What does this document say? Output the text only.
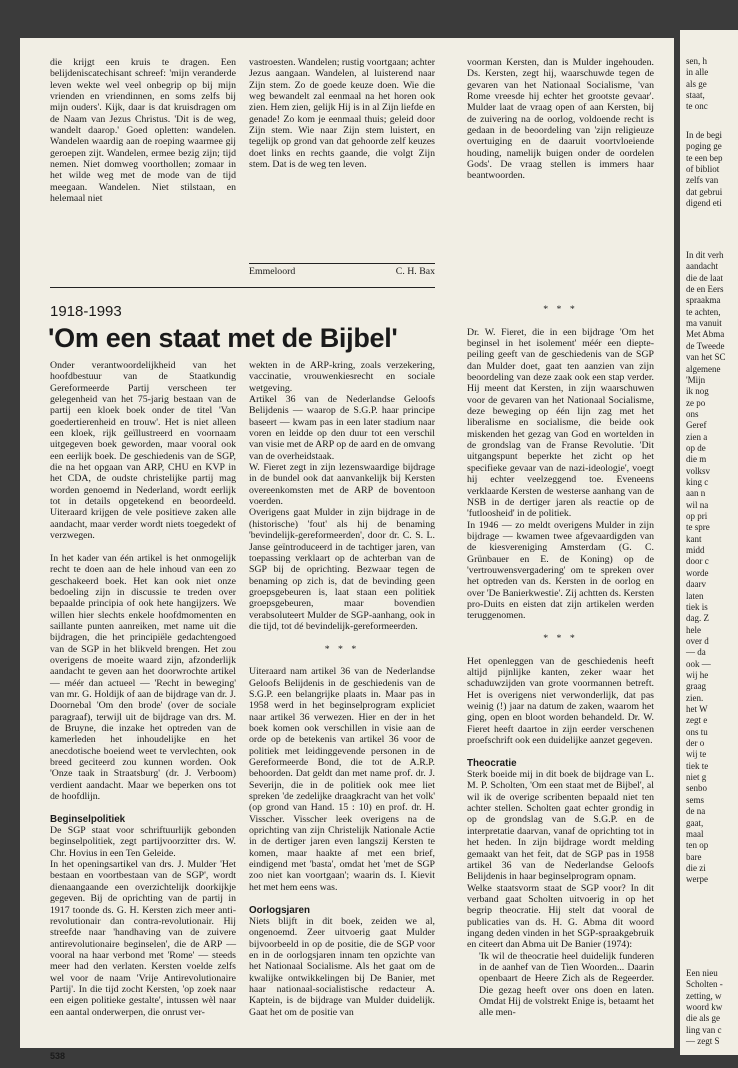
die krijgt een kruis te dragen. Een belijdeniscatechisant schreef: 'mijn veranderde leven wekte wel veel onbegrip op bij mijn vrienden en vriendinnen, en soms zelfs bij mijn ouders'. Kijk, daar is dat kruisdragen om de Naam van Jezus Christus. 'Dit is de weg, wandelt daarop.' Goed opletten: wandelen. Wandelen waardig aan de roeping waarmee gij geroepen zijt. Wandelen, ermee bezig zijn; tijd nemen. Niet domweg voorthollen; zomaar in het wilde weg met de mode van de tijd meegaan. Wandelen. Niet stilstaan, en helemaal niet

vastroesten. Wandelen; rustig voortgaan; achter Jezus aangaan. Wandelen, al luisterend naar Zijn stem. Zo de goede keuze doen. Wie die weg bewandelt zal eenmaal na het horen ook zien. Hem zien, gelijk Hij is in al Zijn liefde en genade! Zo kom je eenmaal thuis; geleid door Zijn stem. Wie naar Zijn stem luistert, en tegelijk op grond van dat gehoorde zelf keuzes doet links en rechts gaande, die volgt Zijn stem. Dat is de weg ten leven.

Emmeloord	C. H. Bax

voorman Kersten, dan is Mulder ingehouden. Ds. Kersten, zegt hij, waarschuwde tegen de gevaren van het Nationaal Socialisme, 'van Rome vreesde hij echter het grootste gevaar'. Mulder laat de vraag open of aan Kersten, bij de zuivering na de oorlog, voldoende recht is gedaan in de beoordeling van 'zijn religieuze overtuiging en de daaruit voortvloeiende houding, namelijk buigen onder de oordelen Gods'. De vraag stellen is immers haar beantwoorden.

1918-1993
'Om een staat met de Bijbel'

Onder verantwoordelijkheid van het hoofdbestuur van de Staatkundig Gereformeerde Partij verscheen ter gelegenheid van het 75-jarig bestaan van de partij een kloek boek onder de titel 'Van goedertierenheid en trouw'. Het is niet alleen een kloek, rijk geïllustreerd en voornaam uitgegeven boek geworden, maar vooral ook een eerlijk boek. De geschiedenis van de SGP, die na het opgaan van ARP, CHU en KVP in het CDA, de oudste christelijke partij mag worden genoemd in Nederland, wordt eerlijk tot in details opgetekend en beoordeeld. Uiteraard krijgen de vele positieve zaken alle aandacht, maar verder wordt niets toegedekt of verzwegen.

In het kader van één artikel is het onmogelijk recht te doen aan de hele inhoud van een zo geschakeerd boek. Het kan ook niet onze bedoeling zijn in discussie te treden over bepaalde principia of ook hete hangijzers. We willen hier slechts enkele hoofdmomenten en saillante punten aanreiken, met name uit die bijdragen, die het principiële gedachtengoed van de SGP in het blikveld brengen. Het zou overigens de moeite waard zijn, afzonderlijk aandacht te geven aan het doorwrochte artikel — méér dan actueel — 'Recht in beweging' van mr. G. Holdijk of aan de bijdrage van dr. J. Doornebal 'Om den brode' (over de sociale paragraaf), terwijl uit de bijdrage van drs. M. de Bruyne, die inzake het optreden van de kamerleden het inhoudelijke en het anecdotische boeiend weet te vervlechten, ook breed geciteerd zou kunnen worden. Ook 'Onze taak in Straatsburg' (dr. J. Verboom) verdient aandacht. Maar we beperken ons tot de hoofdlijn.

Beginselpolitiek

De SGP staat voor schriftuurlijk gebonden beginselpolitiek, zegt partijvoorzitter drs. W. Chr. Hovius in een Ten Geleide.

In het openingsartikel van drs. J. Mulder 'Het bestaan en voortbestaan van de SGP', wordt dienaangaande een overzichtelijk doorkijkje gegeven. Bij de oprichting van de partij in 1917 toonde ds. G. H. Kersten zich meer anti-revolutionair dan contra-revolutionair. Hij streefde naar 'handhaving van de zuivere antirevolutionaire beginselen', die de ARP — vooral na haar verbond met 'Rome' — steeds meer had den verlaten. Kersten voelde zelfs wel voor de naam 'Vrije Antirevolutionaire Partij'. In die tijd zocht Kersten, 'op zoek naar een eigen politieke gestalte', intussen wèl naar een aantal onderwerpen, die onrust ver-

wekten in de ARP-kring, zoals verzekering, vaccinatie, vrouwenkiesrecht en sociale wetgeving.

Artikel 36 van de Nederlandse Geloofs Belijdenis — waarop de S.G.P. haar principe baseert — kwam pas in een later stadium naar voren en leidde op den duur tot een verschil van visie met de ARP op de aard en de omvang van de overheidstaak.

W. Fieret zegt in zijn lezenswaardige bijdrage in de bundel ook dat aanvankelijk bij Kersten overeenkomsten met de ARP de boventoon voerden.

Overigens gaat Mulder in zijn bijdrage in de (historische) 'fout' als hij de benaming 'bevindelijk-gereformeerden', door dr. C. S. L. Janse geïntroduceerd in de tachtiger jaren, van toepassing verklaart op de achterban van de SGP bij de oprichting. Bezwaar tegen de benaming op zich is, dat de bevinding geen groepsgebeuren is, laat staan een politiek groepsgebeuren, maar bovendien verabsoluteert Mulder de SGP-aanhang, ook in die tijd, tot dé bevindelijk-gereformeerden.

* * *

Uiteraard nam artikel 36 van de Nederlandse Geloofs Belijdenis in de geschiedenis van de S.G.P. een belangrijke plaats in. Maar pas in 1958 werd in het beginselprogram expliciet naar artikel 36 verwezen. Hier en der in het boek komen ook verschillen in visie aan de orde op de betekenis van artikel 36 voor de politiek met leidinggevende personen in de Gereformeerde Bond, die tot de A.R.P. behoorden. Dat geldt dan met name prof. dr. J. Severijn, die in de politiek ook mee liet spreken 'de zedelijke draagkracht van het volk' (op grond van Hand. 15 : 10) en prof. dr. H. Visscher. Visscher leek overigens na de oprichting van zijn Christelijk Nationale Actie in de dertiger jaren even langszij Kersten te komen, maar haakte af met een brief, eindigend met 'basta', omdat het 'met de SGP zoo niet kan voortgaan'; waarin ds. I. Kievit het met hem eens was.

Oorlogsjaren

Niets blijft in dit boek, zeiden we al, ongenoemd. Zeer uitvoerig gaat Mulder bijvoorbeeld in op de positie, die de SGP voor en in de oorlogsjaren innam ten opzichte van het Nationaal Socialisme. Als het gaat om de kwalijke ontwikkelingen bij De Banier, met haar nationaal-socialistische redacteur A. Kaptein, is de bijdrage van Mulder duidelijk. Gaat het om de positie van

* * *

Dr. W. Fieret, die in een bijdrage 'Om het beginsel in het isolement' méér een diepte-peiling geeft van de geschiedenis van de SGP dan Mulder doet, gaat ten aanzien van zijn beoordeling van deze zaak ook een stap verder. Hij meent dat Kersten, in zijn waarschuwen voor de gevaren van het Nationaal Socialisme, deze beweging op één lijn zag met het liberalisme en socialisme, die beide ook miskenden het gezag van God en wortelden in de grondslag van de Franse Revolutie. 'Dit uitgangspunt beperkte het zicht op het specifieke gevaar van de nazi-ideologie', voegt hij echter veelzeggend toe. Eveneens verklaarde Kersten de westerse aanhang van de NSB in de dertiger jaren als reactie op de 'futloosheid' in de politiek.

In 1946 — zo meldt overigens Mulder in zijn bijdrage — kwamen twee afgevaardigden van de kiesvereniging Amsterdam (G. C. Grünbauer en E. de Koning) op de 'vertrouwensvergadering' om te spreken over het optreden van ds. Kersten in de oorlog en over 'De Banierkwestie'. Zij achtten ds. Kersten pro-Duits en eisten dat zijn artikelen werden teruggenomen.

* * *

Het openleggen van de geschiedenis heeft altijd pijnlijke kanten, zeker waar het schaduwzijden van grote voormannen betreft. Het is overigens niet verwonderlijk, dat pas weinig (!) jaar na datum de zaken, waarom het ging, open en bloot worden behandeld. Dr. W. Fieret heeft daartoe in zijn eerder verschenen proefschrift ook een duidelijke aanzet gegeven.

Theocratie

Sterk boeide mij in dit boek de bijdrage van L. M. P. Scholten, 'Om een staat met de Bijbel', al wil ik de overige scribenten bepaald niet ten achter stellen. Scholten gaat echter grondig in op de grondslag van de S.G.P. en de interpretatie daarvan, vanaf de oprichting tot in het heden. In zijn bijdrage wordt melding gemaakt van het feit, dat de SGP pas in 1958 artikel 36 van de Nederlandse Geloofs Belijdenis in haar beginselprogram opnam.

Welke staatsvorm staat de SGP voor? In dit verband gaat Scholten uitvoerig in op het begrip theocratie. Hij stelt dat vooral de publicaties van ds. H. G. Abma dit woord ingang deden vinden in het SGP-spraakgebruik en citeert dan Abma uit De Banier (1974):

'Ik wil de theocratie heel duidelijk funderen in de aanhef van de Tien Woorden... Daarin openbaart de Heere Zich als de Regeerder. Die gezag heeft over ons doen en laten. Omdat Hij de volstrekt Enige is, betaamt het alle men-

538
sen, h
in alle
als ge
staat,
te onc
In de begi
poging ge
te een bep
of bibliot
zelfs van
dat gebrui
digend eti
In dit verh
aandacht
die de laat
de en Eers
spraakma
te achten,
ma vanuit
Met Abma
de Tweede
van het SC
algemene
'Mijn
ik nog
ze po
ons
Geref
zien a
op de
die m
volksv
king c
aan n
wil na
op pri
te spre
kant
midd
door c
worde
daarv
laten
tiek is
dag. Z
hele
over d
— da
ook —
wij he
graag
zien.
het W
zegt e
ons tu
der o
wij te
tiek te
niet g
senbo
sems
de na
gaat,
maal
ten op
bare
die zi
werpe
Een nieu
Scholten -
zetting, w
woord kw
die als ge
ling van c
— zegt S
